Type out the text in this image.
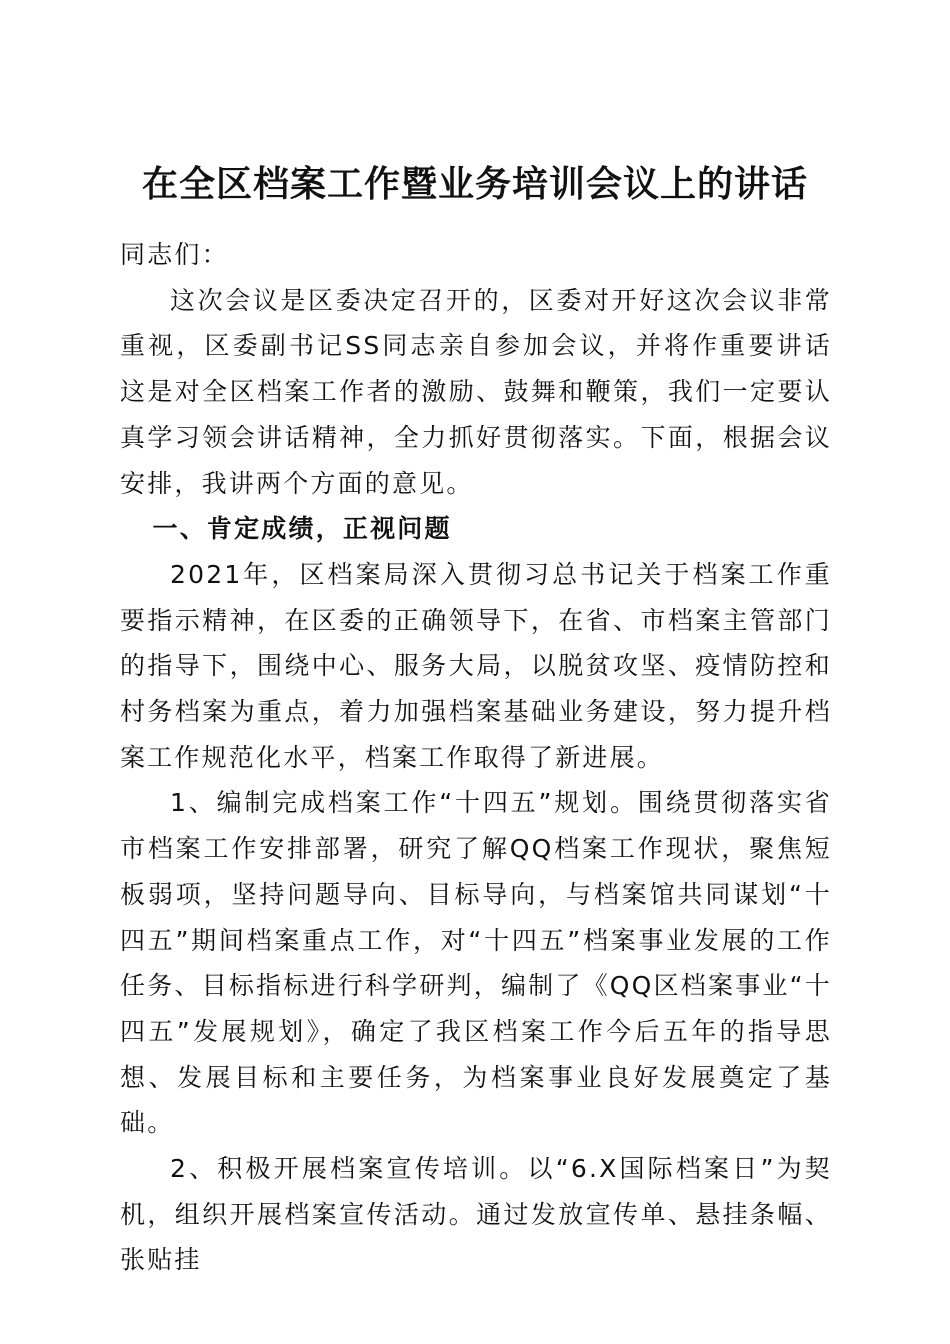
在全区档案工作暨业务培训会议上的讲话

同志们：

这次会议是区委决定召开的，区委对开好这次会议非常重视，区委副书记SS同志亲自参加会议，并将作重要讲话这是对全区档案工作者的激励、鼓舞和鞭策，我们一定要认真学习领会讲话精神，全力抓好贯彻落实。下面，根据会议安排，我讲两个方面的意见。

一、肯定成绩，正视问题

2021年，区档案局深入贯彻习总书记关于档案工作重要指示精神，在区委的正确领导下，在省、市档案主管部门的指导下，围绕中心、服务大局，以脱贫攻坚、疫情防控和村务档案为重点，着力加强档案基础业务建设，努力提升档案工作规范化水平，档案工作取得了新进展。

1、编制完成档案工作“十四五”规划。围绕贯彻落实省市档案工作安排部署，研究了解QQ档案工作现状，聚焦短板弱项，坚持问题导向、目标导向，与档案馆共同谋划“十四五”期间档案重点工作，对“十四五”档案事业发展的工作任务、目标指标进行科学研判，编制了《QQ区档案事业“十四五”发展规划》，确定了我区档案工作今后五年的指导思想、发展目标和主要任务，为档案事业良好发展奠定了基础。

2、积极开展档案宣传培训。以“6.X国际档案日”为契机，组织开展档案宣传活动。通过发放宣传单、悬挂条幅、张贴挂
